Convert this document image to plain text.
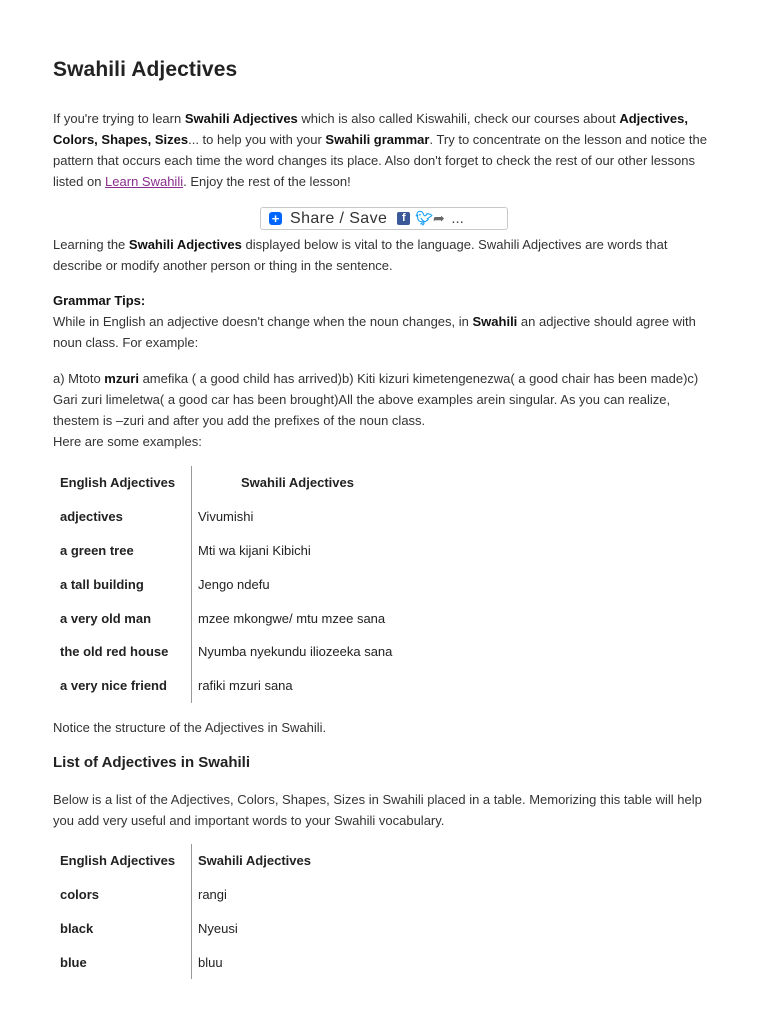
Swahili Adjectives

If you're trying to learn Swahili Adjectives which is also called Kiswahili, check our courses about Adjectives, Colors, Shapes, Sizes... to help you with your Swahili grammar. Try to concentrate on the lesson and notice the pattern that occurs each time the word changes its place. Also don't forget to check the rest of our other lessons listed on Learn Swahili. Enjoy the rest of the lesson!

+ Share / Save	f 🐦︎ ➦ ...

Learning the Swahili Adjectives displayed below is vital to the language. Swahili Adjectives are words that describe or modify another person or thing in the sentence.

Grammar Tips:
While in English an adjective doesn't change when the noun changes, in Swahili an adjective should agree with noun class. For example:

a) Mtoto mzuri amefika ( a good child has arrived)b) Kiti kizuri kimetengenezwa( a good chair has been made)c) Gari zuri limeletwa( a good car has been brought)All the above examples arein singular. As you can realize, thestem is –zuri and after you add the prefixes of the noun class.
Here are some examples:

English Adjectives	Swahili Adjectives
adjectives	Vivumishi
a green tree	Mti wa kijani Kibichi
a tall building	Jengo ndefu
a very old man	mzee mkongwe/ mtu mzee sana
the old red house	Nyumba nyekundu iliozeeka sana
a very nice friend	rafiki mzuri sana

Notice the structure of the Adjectives in Swahili.

List of Adjectives in Swahili

Below is a list of the Adjectives, Colors, Shapes, Sizes in Swahili placed in a table. Memorizing this table will help you add very useful and important words to your Swahili vocabulary.

English Adjectives	Swahili Adjectives
colors	rangi
black	Nyeusi
blue	bluu
